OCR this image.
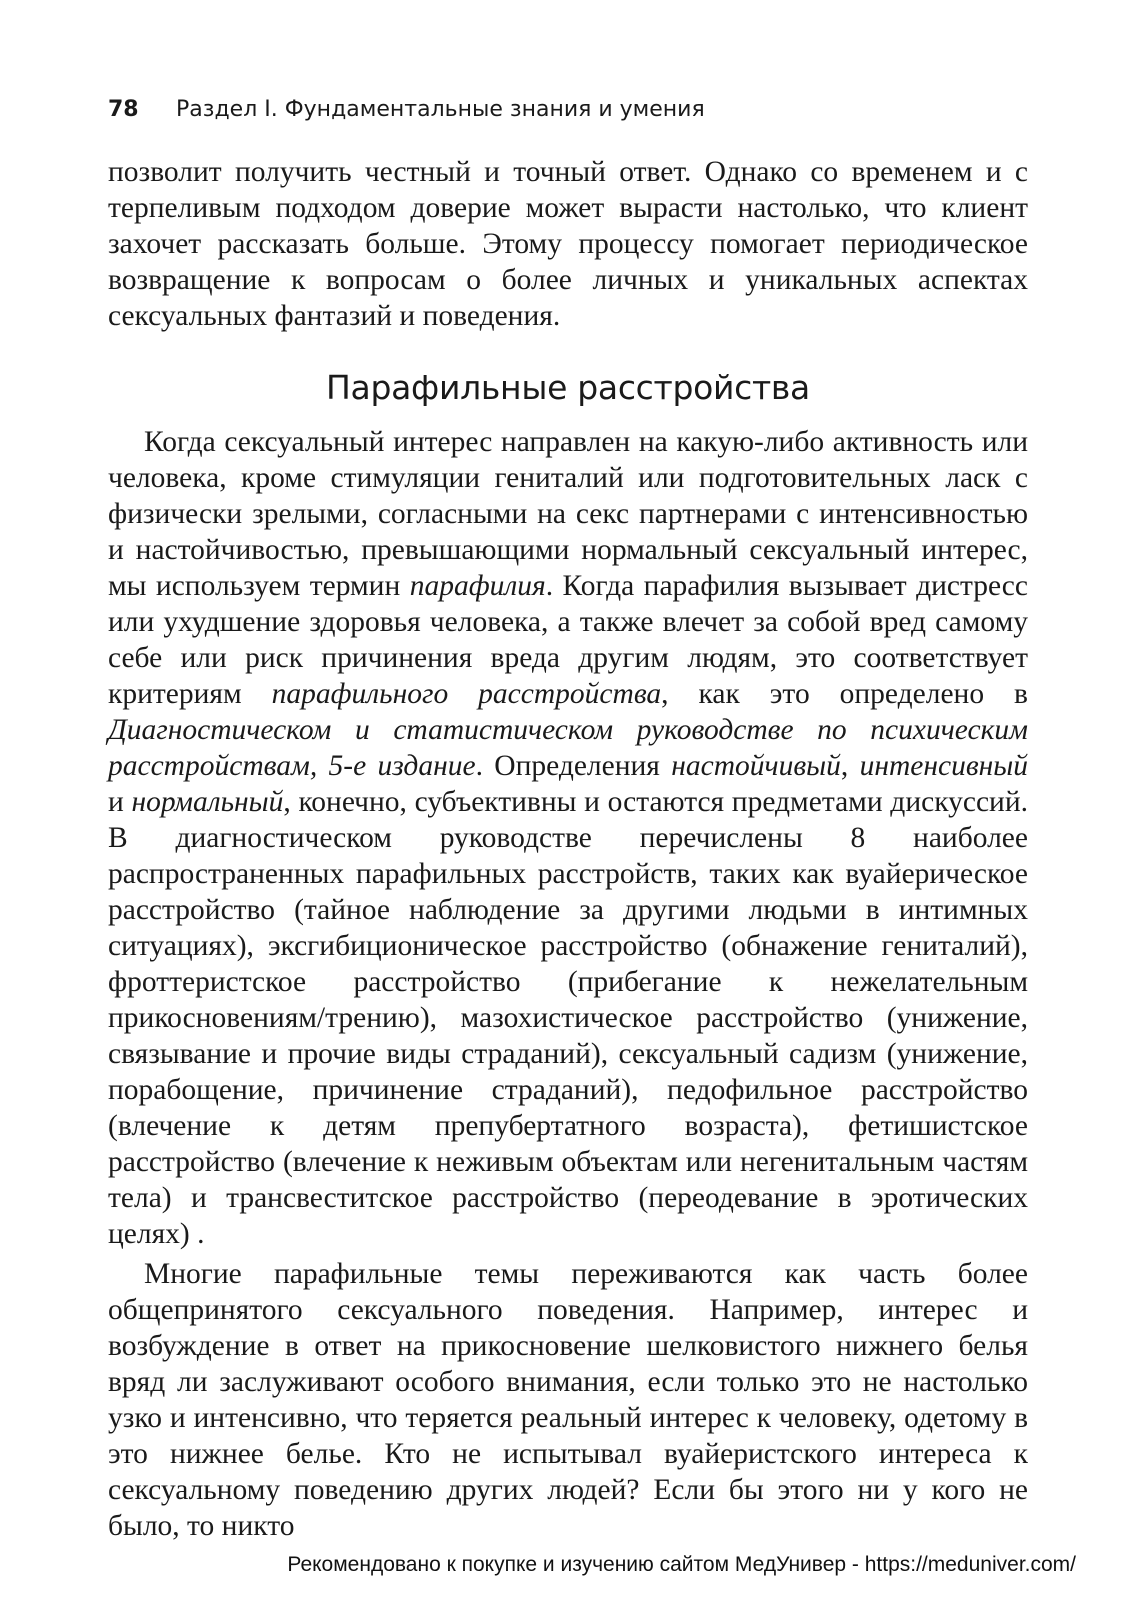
78 Раздел I. Фундаментальные знания и умения

позволит получить честный и точный ответ. Однако со временем и с терпеливым подходом доверие может вырасти настолько, что клиент захочет рассказать больше. Этому процессу помогает периодическое возвращение к вопросам о более личных и уникальных аспектах сексуальных фантазий и поведения.

Парафильные расстройства

Когда сексуальный интерес направлен на какую-либо активность или человека, кроме стимуляции гениталий или подготовительных ласк с физически зрелыми, согласными на секс партнерами с интенсивностью и настойчивостью, превышающими нормальный сексуальный интерес, мы используем термин парафилия. Когда парафилия вызывает дистресс или ухудшение здоровья человека, а также влечет за собой вред самому себе или риск причинения вреда другим людям, это соответствует критериям парафильного расстройства, как это определено в Диагностическом и статистическом руководстве по психическим расстройствам, 5-е издание. Определения настойчивый, интенсивный и нормальный, конечно, субъективны и остаются предметами дискуссий. В диагностическом руководстве перечислены 8 наиболее распространенных парафильных расстройств, таких как вуайерическое расстройство (тайное наблюдение за другими людьми в интимных ситуациях), эксгибиционическое расстройство (обнажение гениталий), фроттеристское расстройство (прибегание к нежелательным прикосновениям/трению), мазохистическое расстройство (унижение, связывание и прочие виды страданий), сексуальный садизм (унижение, порабощение, причинение страданий), педофильное расстройство (влечение к детям препубертатного возраста), фетишистское расстройство (влечение к неживым объектам или негенитальным частям тела) и трансвеститское расстройство (переодевание в эротических целях) .

Многие парафильные темы переживаются как часть более общепринятого сексуального поведения. Например, интерес и возбуждение в ответ на прикосновение шелковистого нижнего белья вряд ли заслуживают особого внимания, если только это не настолько узко и интенсивно, что теряется реальный интерес к человеку, одетому в это нижнее белье. Кто не испытывал вуайеристского интереса к сексуальному поведению других людей? Если бы этого ни у кого не было, то никто

Рекомендовано к покупке и изучению сайтом МедУнивер - https://meduniver.com/
